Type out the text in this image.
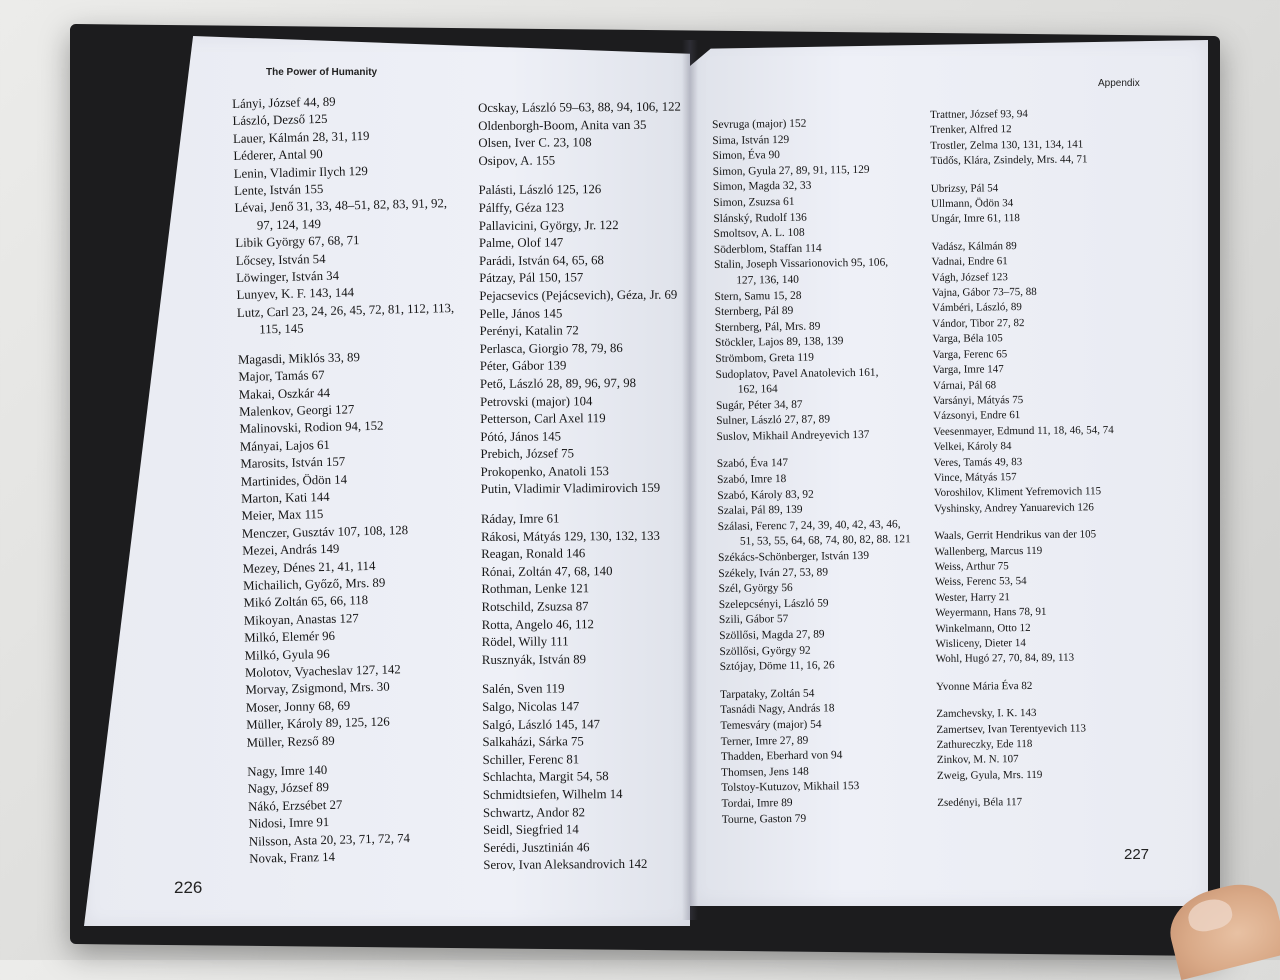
The Power of Humanity
Lányi, József 44, 89
László, Dezső 125
Lauer, Kálmán 28, 31, 119
Léderer, Antal 90
Lenin, Vladimir Ilych 129
Lente, István 155
Lévai, Jenő 31, 33, 48–51, 82, 83, 91, 92,
97, 124, 149
Libik György 67, 68, 71
Lőcsey, István 54
Löwinger, István 34
Lunyev, K. F. 143, 144
Lutz, Carl 23, 24, 26, 45, 72, 81, 112, 113,
115, 145
Magasdi, Miklós 33, 89
Major, Tamás 67
Makai, Oszkár 44
Malenkov, Georgi 127
Malinovski, Rodion 94, 152
Mányai, Lajos 61
Marosits, István 157
Martinides, Ödön 14
Marton, Kati 144
Meier, Max 115
Menczer, Gusztáv 107, 108, 128
Mezei, András 149
Mezey, Dénes 21, 41, 114
Michailich, Győző, Mrs. 89
Mikó Zoltán 65, 66, 118
Mikoyan, Anastas 127
Milkó, Elemér 96
Milkó, Gyula 96
Molotov, Vyacheslav 127, 142
Morvay, Zsigmond, Mrs. 30
Moser, Jonny 68, 69
Müller, Károly 89, 125, 126
Müller, Rezső 89
Nagy, Imre 140
Nagy, József 89
Nákó, Erzsébet 27
Nidosi, Imre 91
Nilsson, Asta 20, 23, 71, 72, 74
Novak, Franz 14
Ocskay, László 59–63, 88, 94, 106, 122
Oldenborgh-Boom, Anita van 35
Olsen, Iver C. 23, 108
Osipov, A. 155
Palásti, László 125, 126
Pálffy, Géza 123
Pallavicini, György, Jr. 122
Palme, Olof 147
Parádi, István 64, 65, 68
Pátzay, Pál 150, 157
Pejacsevics (Pejácsevich), Géza, Jr. 69
Pelle, János 145
Perényi, Katalin 72
Perlasca, Giorgio 78, 79, 86
Péter, Gábor 139
Pető, László 28, 89, 96, 97, 98
Petrovski (major) 104
Petterson, Carl Axel 119
Pótó, János 145
Prebich, József 75
Prokopenko, Anatoli 153
Putin, Vladimir Vladimirovich 159
Ráday, Imre 61
Rákosi, Mátyás 129, 130, 132, 133
Reagan, Ronald 146
Rónai, Zoltán 47, 68, 140
Rothman, Lenke 121
Rotschild, Zsuzsa 87
Rotta, Angelo 46, 112
Rödel, Willy 111
Rusznyák, István 89
Salén, Sven 119
Salgo, Nicolas 147
Salgó, László 145, 147
Salkaházi, Sárka 75
Schiller, Ferenc 81
Schlachta, Margit 54, 58
Schmidtsiefen, Wilhelm 14
Schwartz, Andor 82
Seidl, Siegfried 14
Serédi, Jusztinián 46
Serov, Ivan Aleksandrovich 142
226
Appendix
Sevruga (major) 152
Sima, István 129
Simon, Éva 90
Simon, Gyula 27, 89, 91, 115, 129
Simon, Magda 32, 33
Simon, Zsuzsa 61
Slánský, Rudolf 136
Smoltsov, A. L. 108
Söderblom, Staffan 114
Stalin, Joseph Vissarionovich 95, 106,
127, 136, 140
Stern, Samu 15, 28
Sternberg, Pál 89
Sternberg, Pál, Mrs. 89
Stöckler, Lajos 89, 138, 139
Strömbom, Greta 119
Sudoplatov, Pavel Anatolevich 161,
162, 164
Sugár, Péter 34, 87
Sulner, László 27, 87, 89
Suslov, Mikhail Andreyevich 137
Szabó, Éva 147
Szabó, Imre 18
Szabó, Károly 83, 92
Szalai, Pál 89, 139
Szálasi, Ferenc 7, 24, 39, 40, 42, 43, 46,
51, 53, 55, 64, 68, 74, 80, 82, 88. 121
Székács-Schönberger, István 139
Székely, Iván 27, 53, 89
Szél, György 56
Szelepcsényi, László 59
Szili, Gábor 57
Szöllősi, Magda 27, 89
Szöllősi, György 92
Sztójay, Döme 11, 16, 26
Tarpataky, Zoltán 54
Tasnádi Nagy, András 18
Temesváry (major) 54
Terner, Imre 27, 89
Thadden, Eberhard von 94
Thomsen, Jens 148
Tolstoy-Kutuzov, Mikhail 153
Tordai, Imre 89
Tourne, Gaston 79
Trattner, József 93, 94
Trenker, Alfred 12
Trostler, Zelma 130, 131, 134, 141
Tüdős, Klára, Zsindely, Mrs. 44, 71
Ubrizsy, Pál 54
Ullmann, Ödön 34
Ungár, Imre 61, 118
Vadász, Kálmán 89
Vadnai, Endre 61
Vágh, József 123
Vajna, Gábor 73–75, 88
Vámbéri, László, 89
Vándor, Tibor 27, 82
Varga, Béla 105
Varga, Ferenc 65
Varga, Imre 147
Várnai, Pál 68
Varsányi, Mátyás 75
Vázsonyi, Endre 61
Veesenmayer, Edmund 11, 18, 46, 54, 74
Velkei, Károly 84
Veres, Tamás 49, 83
Vince, Mátyás 157
Voroshilov, Kliment Yefremovich 115
Vyshinsky, Andrey Yanuarevich 126
Waals, Gerrit Hendrikus van der 105
Wallenberg, Marcus 119
Weiss, Arthur 75
Weiss, Ferenc 53, 54
Wester, Harry 21
Weyermann, Hans 78, 91
Winkelmann, Otto 12
Wisliceny, Dieter 14
Wohl, Hugó 27, 70, 84, 89, 113
Yvonne Mária Éva 82
Zamchevsky, I. K. 143
Zamertsev, Ivan Terentyevich 113
Zathureczky, Ede 118
Zinkov, M. N. 107
Zweig, Gyula, Mrs. 119
Zsedényi, Béla 117
227
